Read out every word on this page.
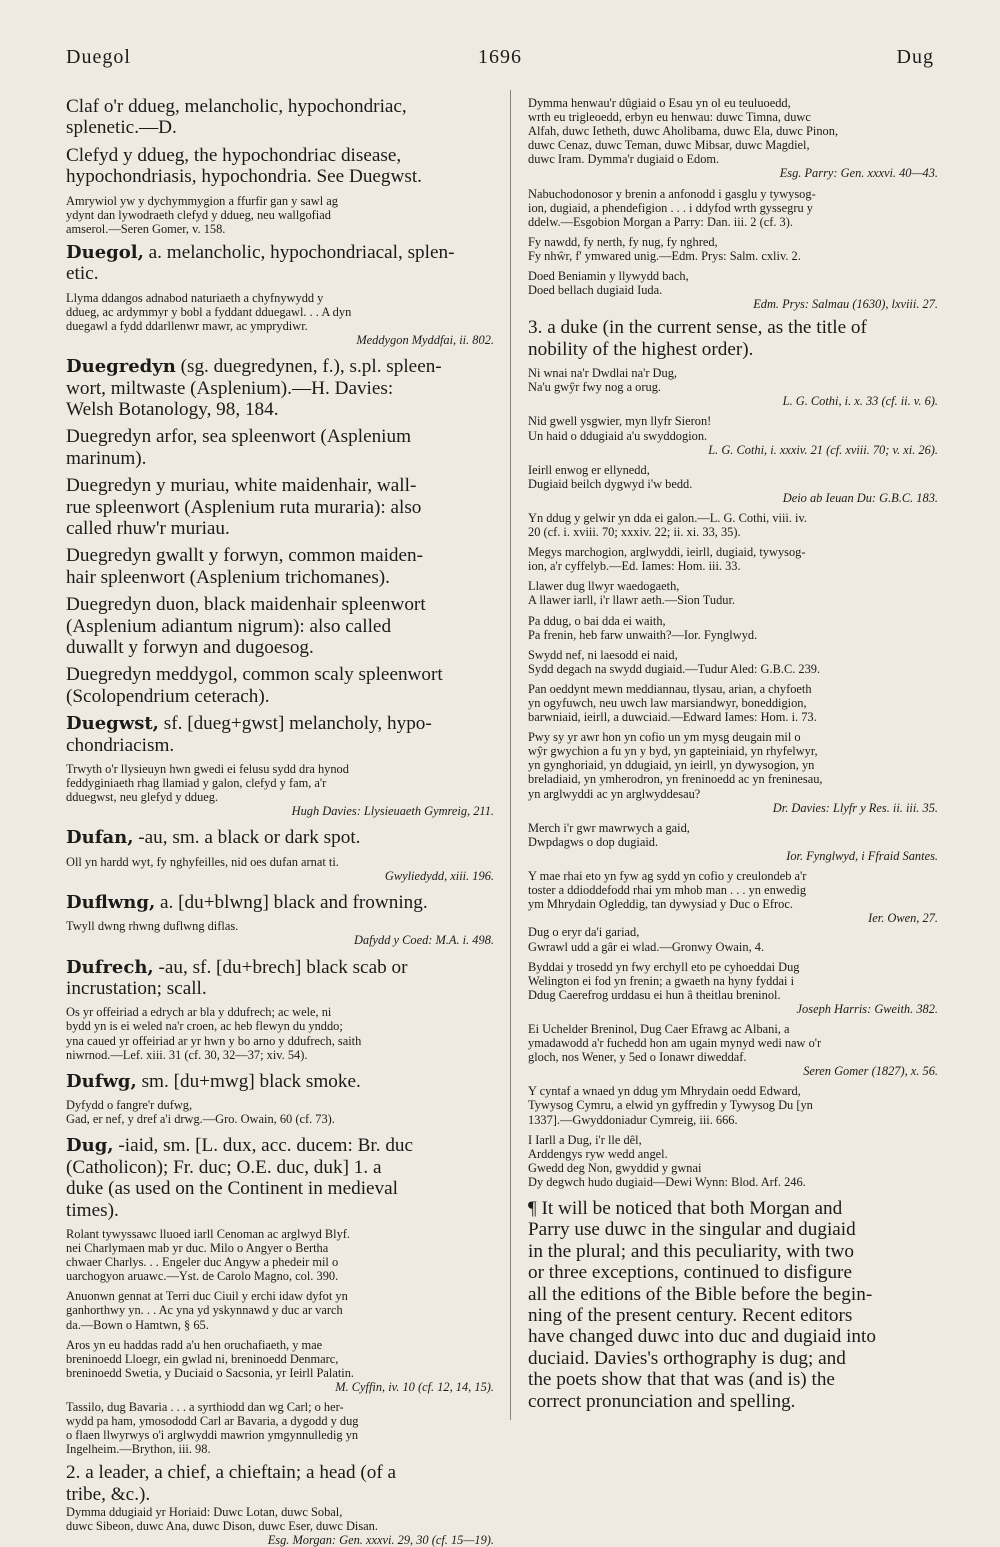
Duegol	1696	Dug
Claf o'r ddueg, melancholic, hypochondriac,
splenetic.—D.
Clefyd y ddueg, the hypochondriac disease,
hypochondriasis, hypochondria. See Duegwst.
Amrywiol yw y dychymmygion a ffurfir gan y sawl ag
ydynt dan lywodraeth clefyd y ddueg, neu wallgofiad
amserol.—Seren Gomer, v. 158.
Duegol, a. melancholic, hypochondriacal, splen-
etic.
Llyma ddangos adnabod naturiaeth a chyfnywydd y
ddueg, ac ardymmyr y bobl a fyddant dduegawl. . . A dyn
duegawl a fydd ddarllenwr mawr, ac ymprydiwr.
Meddygon Myddfai, ii. 802.
Duegredyn (sg. duegredynen, f.), s.pl. spleen-
wort, miltwaste (Asplenium).—H. Davies:
Welsh Botanology, 98, 184.
Duegredyn arfor, sea spleenwort (Asplenium
marinum).
Duegredyn y muriau, white maidenhair, wall-
rue spleenwort (Asplenium ruta muraria): also
called rhuw'r muriau.
Duegredyn gwallt y forwyn, common maiden-
hair spleenwort (Asplenium trichomanes).
Duegredyn duon, black maidenhair spleenwort
(Asplenium adiantum nigrum): also called
duwallt y forwyn and dugoesog.
Duegredyn meddygol, common scaly spleenwort
(Scolopendrium ceterach).
Duegwst, sf. [dueg+gwst] melancholy, hypo-
chondriacism.
Trwyth o'r llysieuyn hwn gwedi ei felusu sydd dra hynod
feddyginiaeth rhag llamiad y galon, clefyd y fam, a'r
dduegwst, neu glefyd y ddueg.
Hugh Davies: Llysieuaeth Gymreig, 211.
Dufan, -au, sm. a black or dark spot.
Oll yn hardd wyt, fy nghyfeilles, nid oes dufan arnat ti.
Gwyliedydd, xiii. 196.
Duflwng, a. [du+blwng] black and frowning.
Twyll dwng rhwng duflwng diflas.
Dafydd y Coed: M.A. i. 498.
Dufrech, -au, sf. [du+brech] black scab or
incrustation; scall.
Os yr offeiriad a edrych ar bla y ddufrech; ac wele, ni
bydd yn is ei weled na'r croen, ac heb flewyn du ynddo;
yna caued yr offeiriad ar yr hwn y bo arno y ddufrech, saith
niwrnod.—Lef. xiii. 31 (cf. 30, 32—37; xiv. 54).
Dufwg, sm. [du+mwg] black smoke.
Dyfydd o fangre'r dufwg,
Gad, er nef, y dref a'i drwg.—Gro. Owain, 60 (cf. 73).
Dug, -iaid, sm. [L. dux, acc. ducem: Br. duc
(Catholicon); Fr. duc; O.E. duc, duk] 1. a
duke (as used on the Continent in medieval
times).
Rolant tywyssawc lluoed iarll Cenoman ac arglwyd Blyf.
nei Charlymaen mab yr duc. Milo o Angyer o Bertha
chwaer Charlys. . . Engeler duc Angyw a phedeir mil o
uarchogyon aruawc.—Yst. de Carolo Magno, col. 390.
Anuonwn gennat at Terri duc Ciuil y erchi idaw dyfot yn
ganhorthwy yn. . . Ac yna yd yskynnawd y duc ar varch
da.—Bown o Hamtwn, § 65.
Aros yn eu haddas radd a'u hen oruchafiaeth, y mae
breninoedd Lloegr, ein gwlad ni, breninoedd Denmarc,
breninoedd Swetia, y Duciaid o Sacsonia, yr Ieirll Palatin.
M. Cyffin, iv. 10 (cf. 12, 14, 15).
Tassilo, dug Bavaria . . . a syrthiodd dan wg Carl; o her-
wydd pa ham, ymosododd Carl ar Bavaria, a dygodd y dug
o flaen llwyrwys o'i arglwyddi mawrion ymgynnulledig yn
Ingelheim.—Brython, iii. 98.
2. a leader, a chief, a chieftain; a head (of a
tribe, &c.).
Dymma ddugiaid yr Horiaid: Duwc Lotan, duwc Sobal,
duwc Sibeon, duwc Ana, duwc Dison, duwc Eser, duwc Disan.
Esg. Morgan: Gen. xxxvi. 29, 30 (cf. 15—19).
Dymma henwau'r dûgiaid o Esau yn ol eu teuluoedd,
wrth eu trigleoedd, erbyn eu henwau: duwc Timna, duwc
Alfah, duwc Ietheth, duwc Aholibama, duwc Ela, duwc Pinon,
duwc Cenaz, duwc Teman, duwc Mibsar, duwc Magdiel,
duwc Iram. Dymma'r dugiaid o Edom.
Esg. Parry: Gen. xxxvi. 40—43.
Nabuchodonosor y brenin a anfonodd i gasglu y tywysog-
ion, dugiaid, a phendefigion . . . i ddyfod wrth gyssegru y
ddelw.—Esgobion Morgan a Parry: Dan. iii. 2 (cf. 3).
Fy nawdd, fy nerth, fy nug, fy nghred,
Fy nhŵr, f' ymwared unig.—Edm. Prys: Salm. cxliv. 2.
Doed Beniamin y llywydd bach,
Doed bellach dugiaid Iuda.
Edm. Prys: Salmau (1630), lxviii. 27.
3. a duke (in the current sense, as the title of
nobility of the highest order).
Ni wnai na'r Dwdlai na'r Dug,
Na'u gwŷr fwy nog a orug.
L. G. Cothi, i. x. 33 (cf. ii. v. 6).
Nid gwell ysgwier, myn llyfr Sieron!
Un haid o ddugiaid a'u swyddogion.
L. G. Cothi, i. xxxiv. 21 (cf. xviii. 70; v. xi. 26).
Ieirll enwog er ellynedd,
Dugiaid beilch dygwyd i'w bedd.
Deio ab Ieuan Du: G.B.C. 183.
Yn ddug y gelwir yn dda ei galon.—L. G. Cothi, viii. iv.
20 (cf. i. xviii. 70; xxxiv. 22; ii. xi. 33, 35).
Megys marchogion, arglwyddi, ieirll, dugiaid, tywysog-
ion, a'r cyffelyb.—Ed. Iames: Hom. iii. 33.
Llawer dug llwyr waedogaeth,
A llawer iarll, i'r llawr aeth.—Sion Tudur.
Pa ddug, o bai dda ei waith,
Pa frenin, heb farw unwaith?—Ior. Fynglwyd.
Swydd nef, ni laesodd ei naid,
Sydd degach na swydd dugiaid.—Tudur Aled: G.B.C. 239.
Pan oeddynt mewn meddiannau, tlysau, arian, a chyfoeth
yn ogyfuwch, neu uwch law marsiandwyr, boneddigion,
barwniaid, ieirll, a duwciaid.—Edward Iames: Hom. i. 73.
Pwy sy yr awr hon yn cofio un ym mysg deugain mil o
wŷr gwychion a fu yn y byd, yn gapteiniaid, yn rhyfelwyr,
yn gynghoriaid, yn ddugiaid, yn ieirll, yn dywysogion, yn
breladiaid, yn ymherodron, yn freninoedd ac yn freninesau,
yn arglwyddi ac yn arglwyddesau?
Dr. Davies: Llyfr y Res. ii. iii. 35.
Merch i'r gwr mawrwych a gaid,
Dwpdagws o dop dugiaid.
Ior. Fynglwyd, i Ffraid Santes.
Y mae rhai eto yn fyw ag sydd yn cofio y creulondeb a'r
toster a ddioddefodd rhai ym mhob man . . . yn enwedig
ym Mhrydain Ogleddig, tan dywysiad y Duc o Efroc.
Ier. Owen, 27.
Dug o eryr da'i gariad,
Gwrawl udd a gâr ei wlad.—Gronwy Owain, 4.
Byddai y trosedd yn fwy erchyll eto pe cyhoeddai Dug
Welington ei fod yn frenin; a gwaeth na hyny fyddai i
Ddug Caerefrog urddasu ei hun â theitlau breninol.
Joseph Harris: Gweith. 382.
Ei Uchelder Breninol, Dug Caer Efrawg ac Albani, a
ymadawodd a'r fuchedd hon am ugain mynyd wedi naw o'r
gloch, nos Wener, y 5ed o Ionawr diweddaf.
Seren Gomer (1827), x. 56.
Y cyntaf a wnaed yn ddug ym Mhrydain oedd Edward,
Tywysog Cymru, a elwid yn gyffredin y Tywysog Du [yn
1337].—Gwyddoniadur Cymreig, iii. 666.
I Iarll a Dug, i'r lle dêl,
Arddengys ryw wedd angel.
Gwedd deg Non, gwyddid y gwnai
Dy degwch hudo dugiaid—Dewi Wynn: Blod. Arf. 246.
¶ It will be noticed that both Morgan and
Parry use duwc in the singular and dugiaid
in the plural; and this peculiarity, with two
or three exceptions, continued to disfigure
all the editions of the Bible before the begin-
ning of the present century. Recent editors
have changed duwc into duc and dugiaid into
duciaid. Davies's orthography is dug; and
the poets show that that was (and is) the
correct pronunciation and spelling.
